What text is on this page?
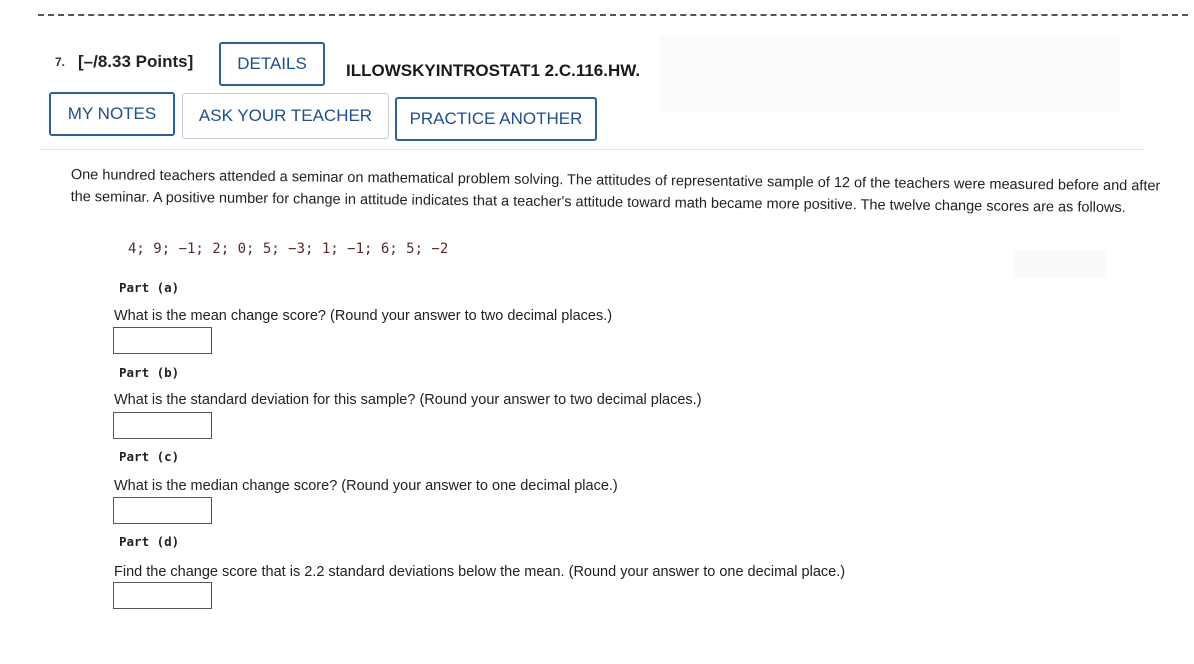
7. [–/8.33 Points]	DETAILS	ILLOWSKYINTROSTAT1 2.C.116.HW.
MY NOTES	ASK YOUR TEACHER	PRACTICE ANOTHER
One hundred teachers attended a seminar on mathematical problem solving. The attitudes of representative sample of 12 of the teachers were measured before and after the seminar. A positive number for change in attitude indicates that a teacher's attitude toward math became more positive. The twelve change scores are as follows.
4; 9; −1; 2; 0; 5; −3; 1; −1; 6; 5; −2
Part (a)
What is the mean change score? (Round your answer to two decimal places.)
Part (b)
What is the standard deviation for this sample? (Round your answer to two decimal places.)
Part (c)
What is the median change score? (Round your answer to one decimal place.)
Part (d)
Find the change score that is 2.2 standard deviations below the mean. (Round your answer to one decimal place.)
